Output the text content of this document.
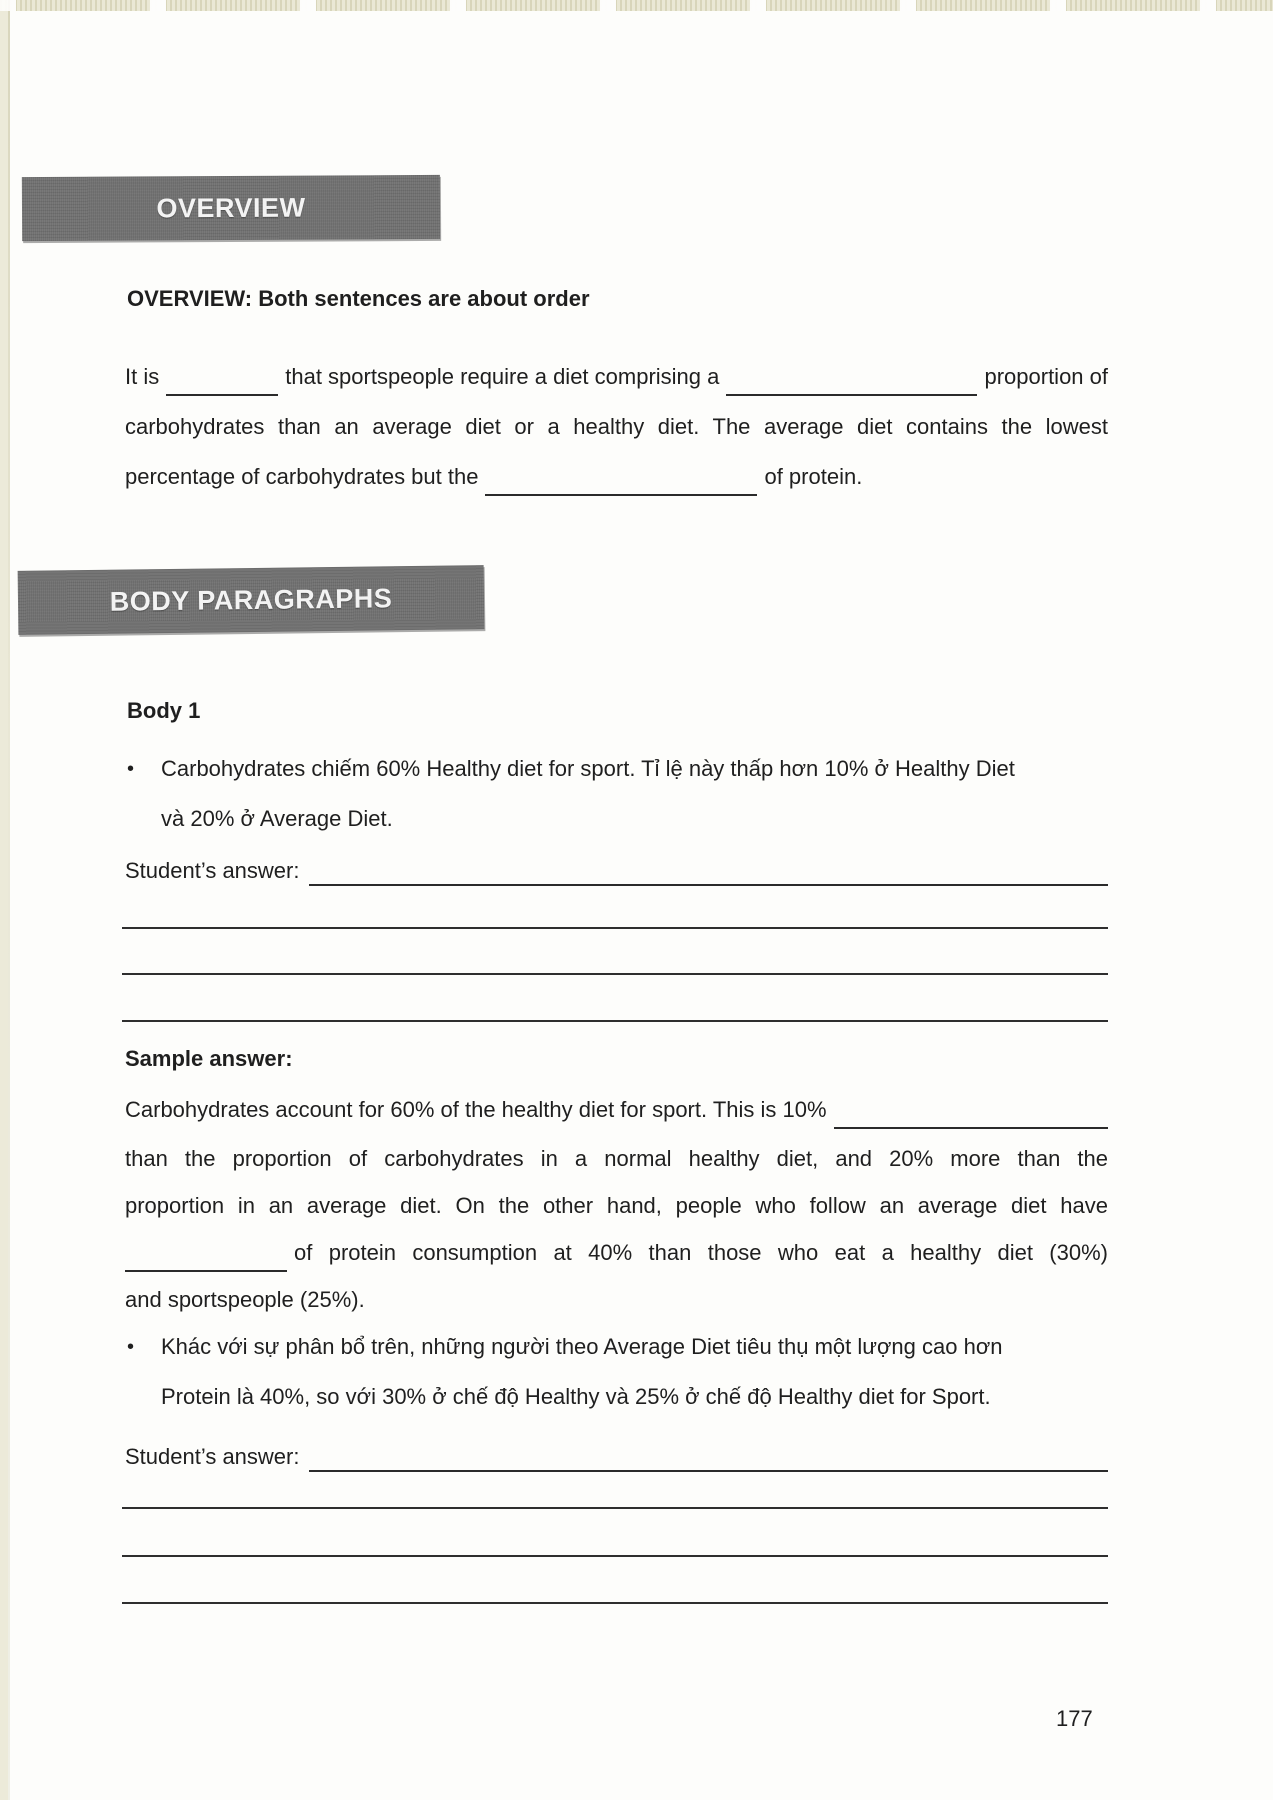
OVERVIEW
OVERVIEW: Both sentences are about order
It is	that sportspeople require a diet comprising a	proportion of
carbohydrates than an average diet or a healthy diet. The average diet contains the lowest
percentage of carbohydrates but the	of protein.
BODY PARAGRAPHS
Body 1
•	Carbohydrates chiếm 60% Healthy diet for sport. Tỉ lệ này thấp hơn 10% ở Healthy Diet
và 20% ở Average Diet.
Student’s answer:
Sample answer:
Carbohydrates account for 60% of the healthy diet for sport. This is 10%
than the proportion of carbohydrates in a normal healthy diet, and 20% more than the
proportion in an average diet. On the other hand, people who follow an average diet have
of protein consumption at 40% than those who eat a healthy diet (30%)
and sportspeople (25%).
•	Khác với sự phân bổ trên, những người theo Average Diet tiêu thụ một lượng cao hơn
Protein là 40%, so với 30% ở chế độ Healthy và 25% ở chế độ Healthy diet for Sport.
Student’s answer:
177
